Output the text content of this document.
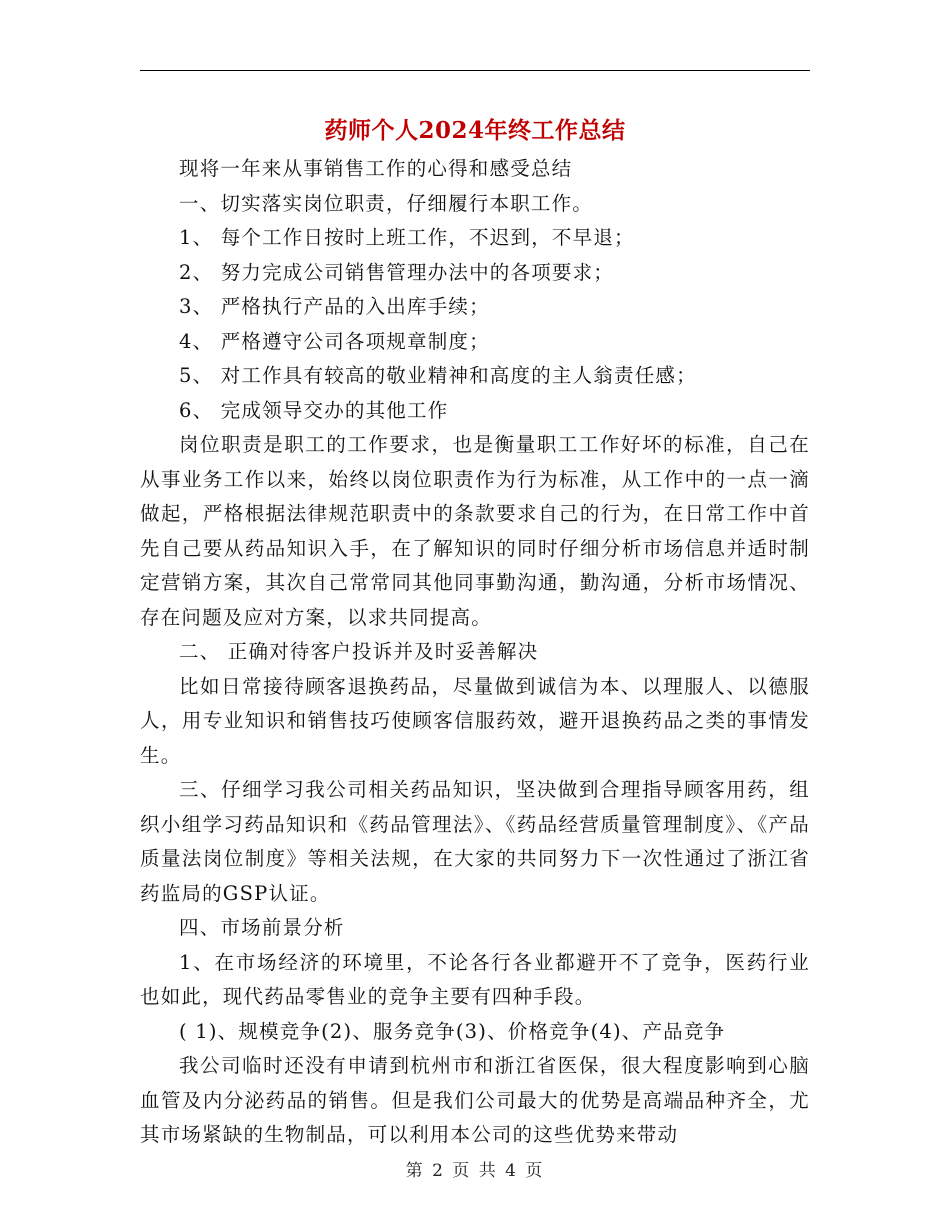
药师个人2024年终工作总结

现将一年来从事销售工作的心得和感受总结

一、切实落实岗位职责，仔细履行本职工作。

1、 每个工作日按时上班工作，不迟到，不早退；

2、 努力完成公司销售管理办法中的各项要求；

3、 严格执行产品的入出库手续；

4、 严格遵守公司各项规章制度；

5、 对工作具有较高的敬业精神和高度的主人翁责任感；

6、 完成领导交办的其他工作

岗位职责是职工的工作要求，也是衡量职工工作好坏的标准，自己在从事业务工作以来，始终以岗位职责作为行为标准，从工作中的一点一滴做起，严格根据法律规范职责中的条款要求自己的行为，在日常工作中首先自己要从药品知识入手，在了解知识的同时仔细分析市场信息并适时制定营销方案，其次自己常常同其他同事勤沟通，勤沟通，分析市场情况、存在问题及应对方案，以求共同提高。

二、 正确对待客户投诉并及时妥善解决

比如日常接待顾客退换药品，尽量做到诚信为本、以理服人、以德服人，用专业知识和销售技巧使顾客信服药效，避开退换药品之类的事情发生。

三、仔细学习我公司相关药品知识，坚决做到合理指导顾客用药，组织小组学习药品知识和《药品管理法》、《药品经营质量管理制度》、《产品质量法岗位制度》等相关法规，在大家的共同努力下一次性通过了浙江省药监局的GSP认证。

四、市场前景分析

1、在市场经济的环境里，不论各行各业都避开不了竞争，医药行业也如此，现代药品零售业的竞争主要有四种手段。

( 1)、规模竞争(2)、服务竞争(3)、价格竞争(4)、产品竞争

我公司临时还没有申请到杭州市和浙江省医保，很大程度影响到心脑血管及内分泌药品的销售。但是我们公司最大的优势是高端品种齐全，尤其市场紧缺的生物制品，可以利用本公司的这些优势来带动

第 2 页 共 4 页
